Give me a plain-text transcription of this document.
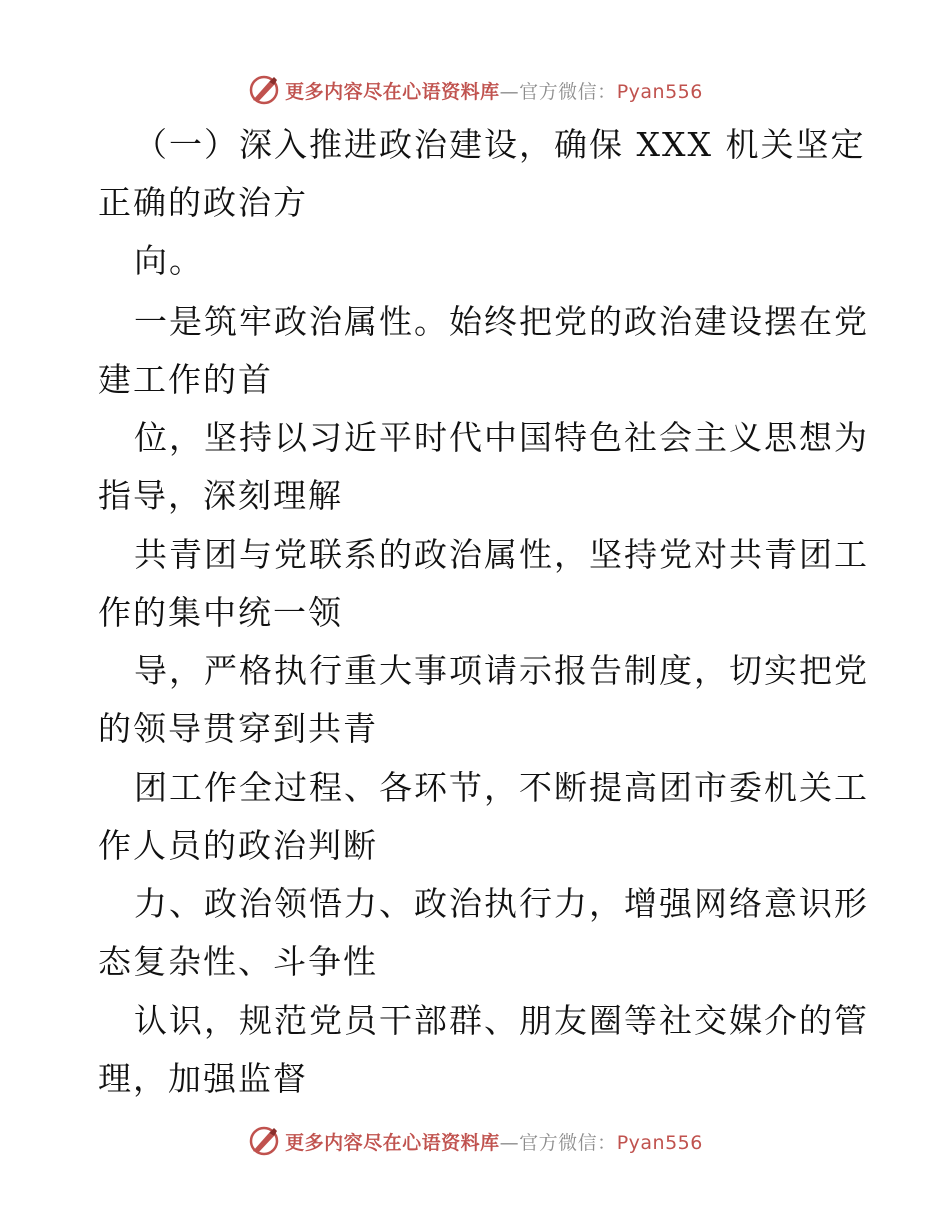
更多内容尽在心语资料库—官方微信：Pyan556
（一）深入推进政治建设，确保 XXX 机关坚定
正确的政治方
向。
一是筑牢政治属性。始终把党的政治建设摆在党
建工作的首
位，坚持以习近平时代中国特色社会主义思想为
指导，深刻理解
共青团与党联系的政治属性，坚持党对共青团工
作的集中统一领
导，严格执行重大事项请示报告制度，切实把党
的领导贯穿到共青
团工作全过程、各环节，不断提高团市委机关工
作人员的政治判断
力、政治领悟力、政治执行力，增强网络意识形
态复杂性、斗争性
认识，规范党员干部群、朋友圈等社交媒介的管
理，加强监督
更多内容尽在心语资料库—官方微信：Pyan556
